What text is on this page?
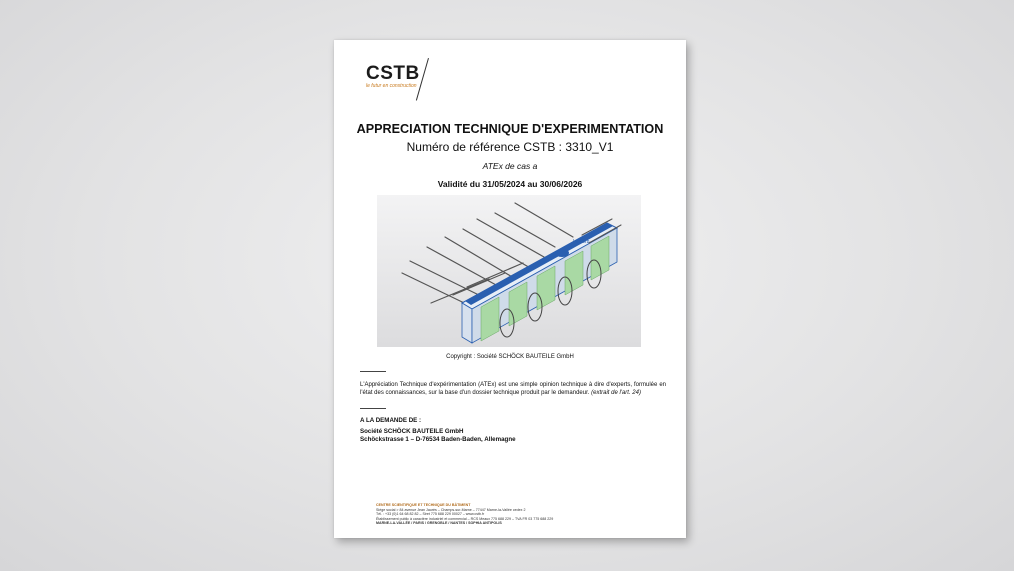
CSTB
le futur en construction
APPRECIATION TECHNIQUE D'EXPERIMENTATION
Numéro de référence CSTB : 3310_V1
ATEx de cas a
Validité du 31/05/2024 au 30/06/2026
Isokorb
Copyright : Société SCHÖCK BAUTEILE GmbH
L'Appréciation Technique d'expérimentation (ATEx) est une simple opinion technique à dire d'experts, formulée en l'état des connaissances, sur la base d'un dossier technique produit par le demandeur. (extrait de l'art. 24)
A LA DEMANDE DE :
Société SCHÖCK BAUTEILE GmbH
Schöckstrasse 1 – D-76534 Baden-Baden, Allemagne
CENTRE SCIENTIFIQUE ET TECHNIQUE DU BÂTIMENT
Siège social > 84 avenue Jean Jaurès – Champs-sur-Marne – 77447 Marne-la-Vallée cedex 2
Tél. : +33 (0)1 64 68 82 82 – Siret 775 688 229 00027 – www.cstb.fr
Établissement public à caractère industriel et commercial – RCS Meaux 775 688 229 – TVA FR 03 775 688 229
MARNE-LA-VALLÉE / PARIS / GRENOBLE / NANTES / SOPHIA ANTIPOLIS
